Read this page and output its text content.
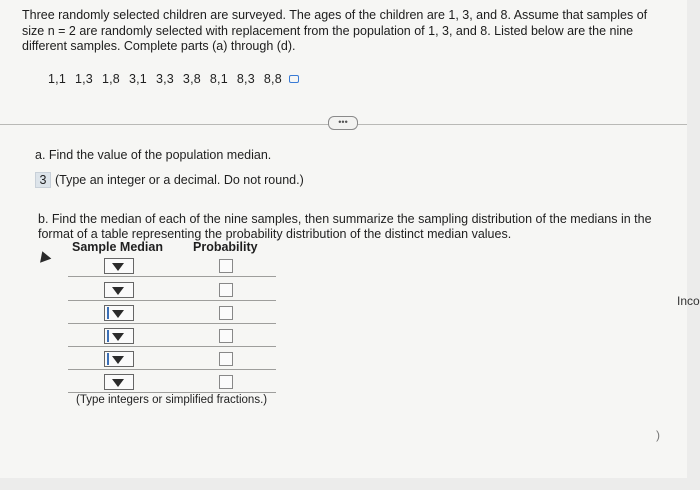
Three randomly selected children are surveyed. The ages of the children are 1, 3, and 8. Assume that samples of size n = 2 are randomly selected with replacement from the population of 1, 3, and 8. Listed below are the nine different samples. Complete parts (a) through (d).
1,1 1,3 1,8 3,1 3,3 3,8 8,1 8,3 8,8
•••
a. Find the value of the population median.
3 (Type an integer or a decimal. Do not round.)
b. Find the median of each of the nine samples, then summarize the sampling distribution of the medians in the format of a table representing the probability distribution of the distinct median values.
Sample Median Probability
(Type integers or simplified fractions.)
Inco
)
